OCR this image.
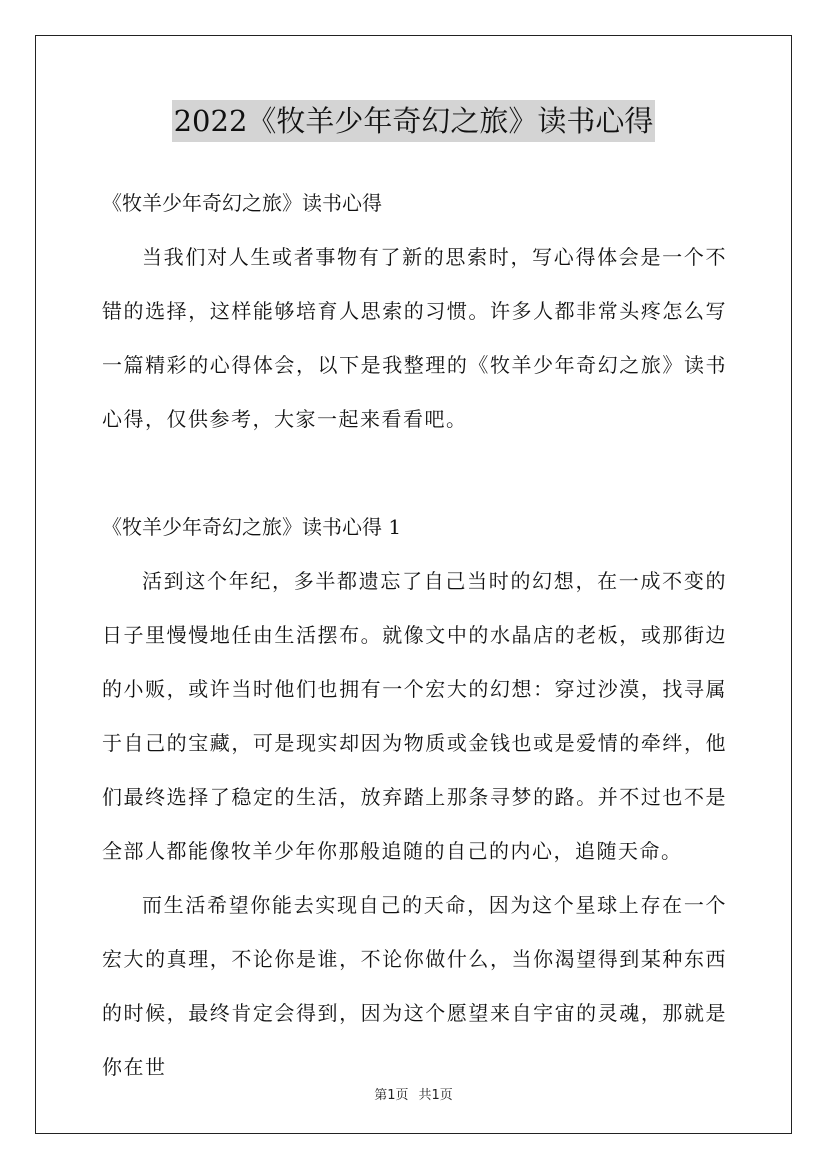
2022《牧羊少年奇幻之旅》读书心得

《牧羊少年奇幻之旅》读书心得

当我们对人生或者事物有了新的思索时，写心得体会是一个不错的选择，这样能够培育人思索的习惯。许多人都非常头疼怎么写一篇精彩的心得体会，以下是我整理的《牧羊少年奇幻之旅》读书心得，仅供参考，大家一起来看看吧。

《牧羊少年奇幻之旅》读书心得 1

活到这个年纪，多半都遗忘了自己当时的幻想，在一成不变的日子里慢慢地任由生活摆布。就像文中的水晶店的老板，或那街边的小贩，或许当时他们也拥有一个宏大的幻想：穿过沙漠，找寻属于自己的宝藏，可是现实却因为物质或金钱也或是爱情的牵绊，他们最终选择了稳定的生活，放弃踏上那条寻梦的路。并不过也不是全部人都能像牧羊少年你那般追随的自己的内心，追随天命。

而生活希望你能去实现自己的天命，因为这个星球上存在一个宏大的真理，不论你是谁，不论你做什么，当你渴望得到某种东西的时候，最终肯定会得到，因为这个愿望来自宇宙的灵魂，那就是你在世

第1页 共1页
